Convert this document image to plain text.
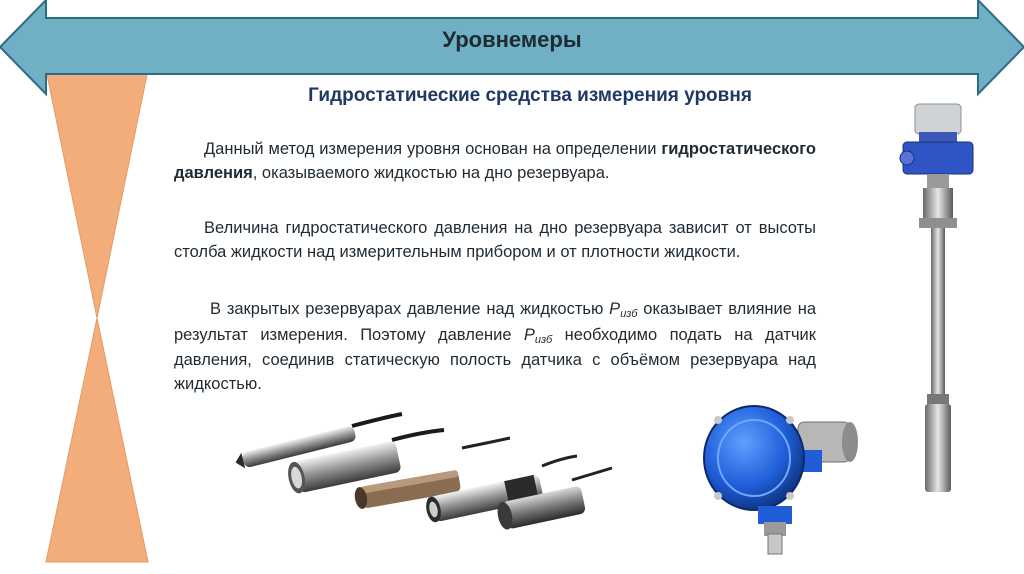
Уровнемеры
Гидростатические средства измерения уровня
Данный метод измерения уровня основан на определении гидростатического давления, оказываемого жидкостью на дно резервуара.
Величина гидростатического давления на дно резервуара зависит от высоты столба жидкости над измерительным прибором и от плотности жидкости.
В закрытых резервуарах давление над жидкостью Pизб оказывает влияние на результат измерения. Поэтому давление Pизб необходимо подать на датчик давления, соединив статическую полость датчика с объёмом резервуара над жидкостью.
